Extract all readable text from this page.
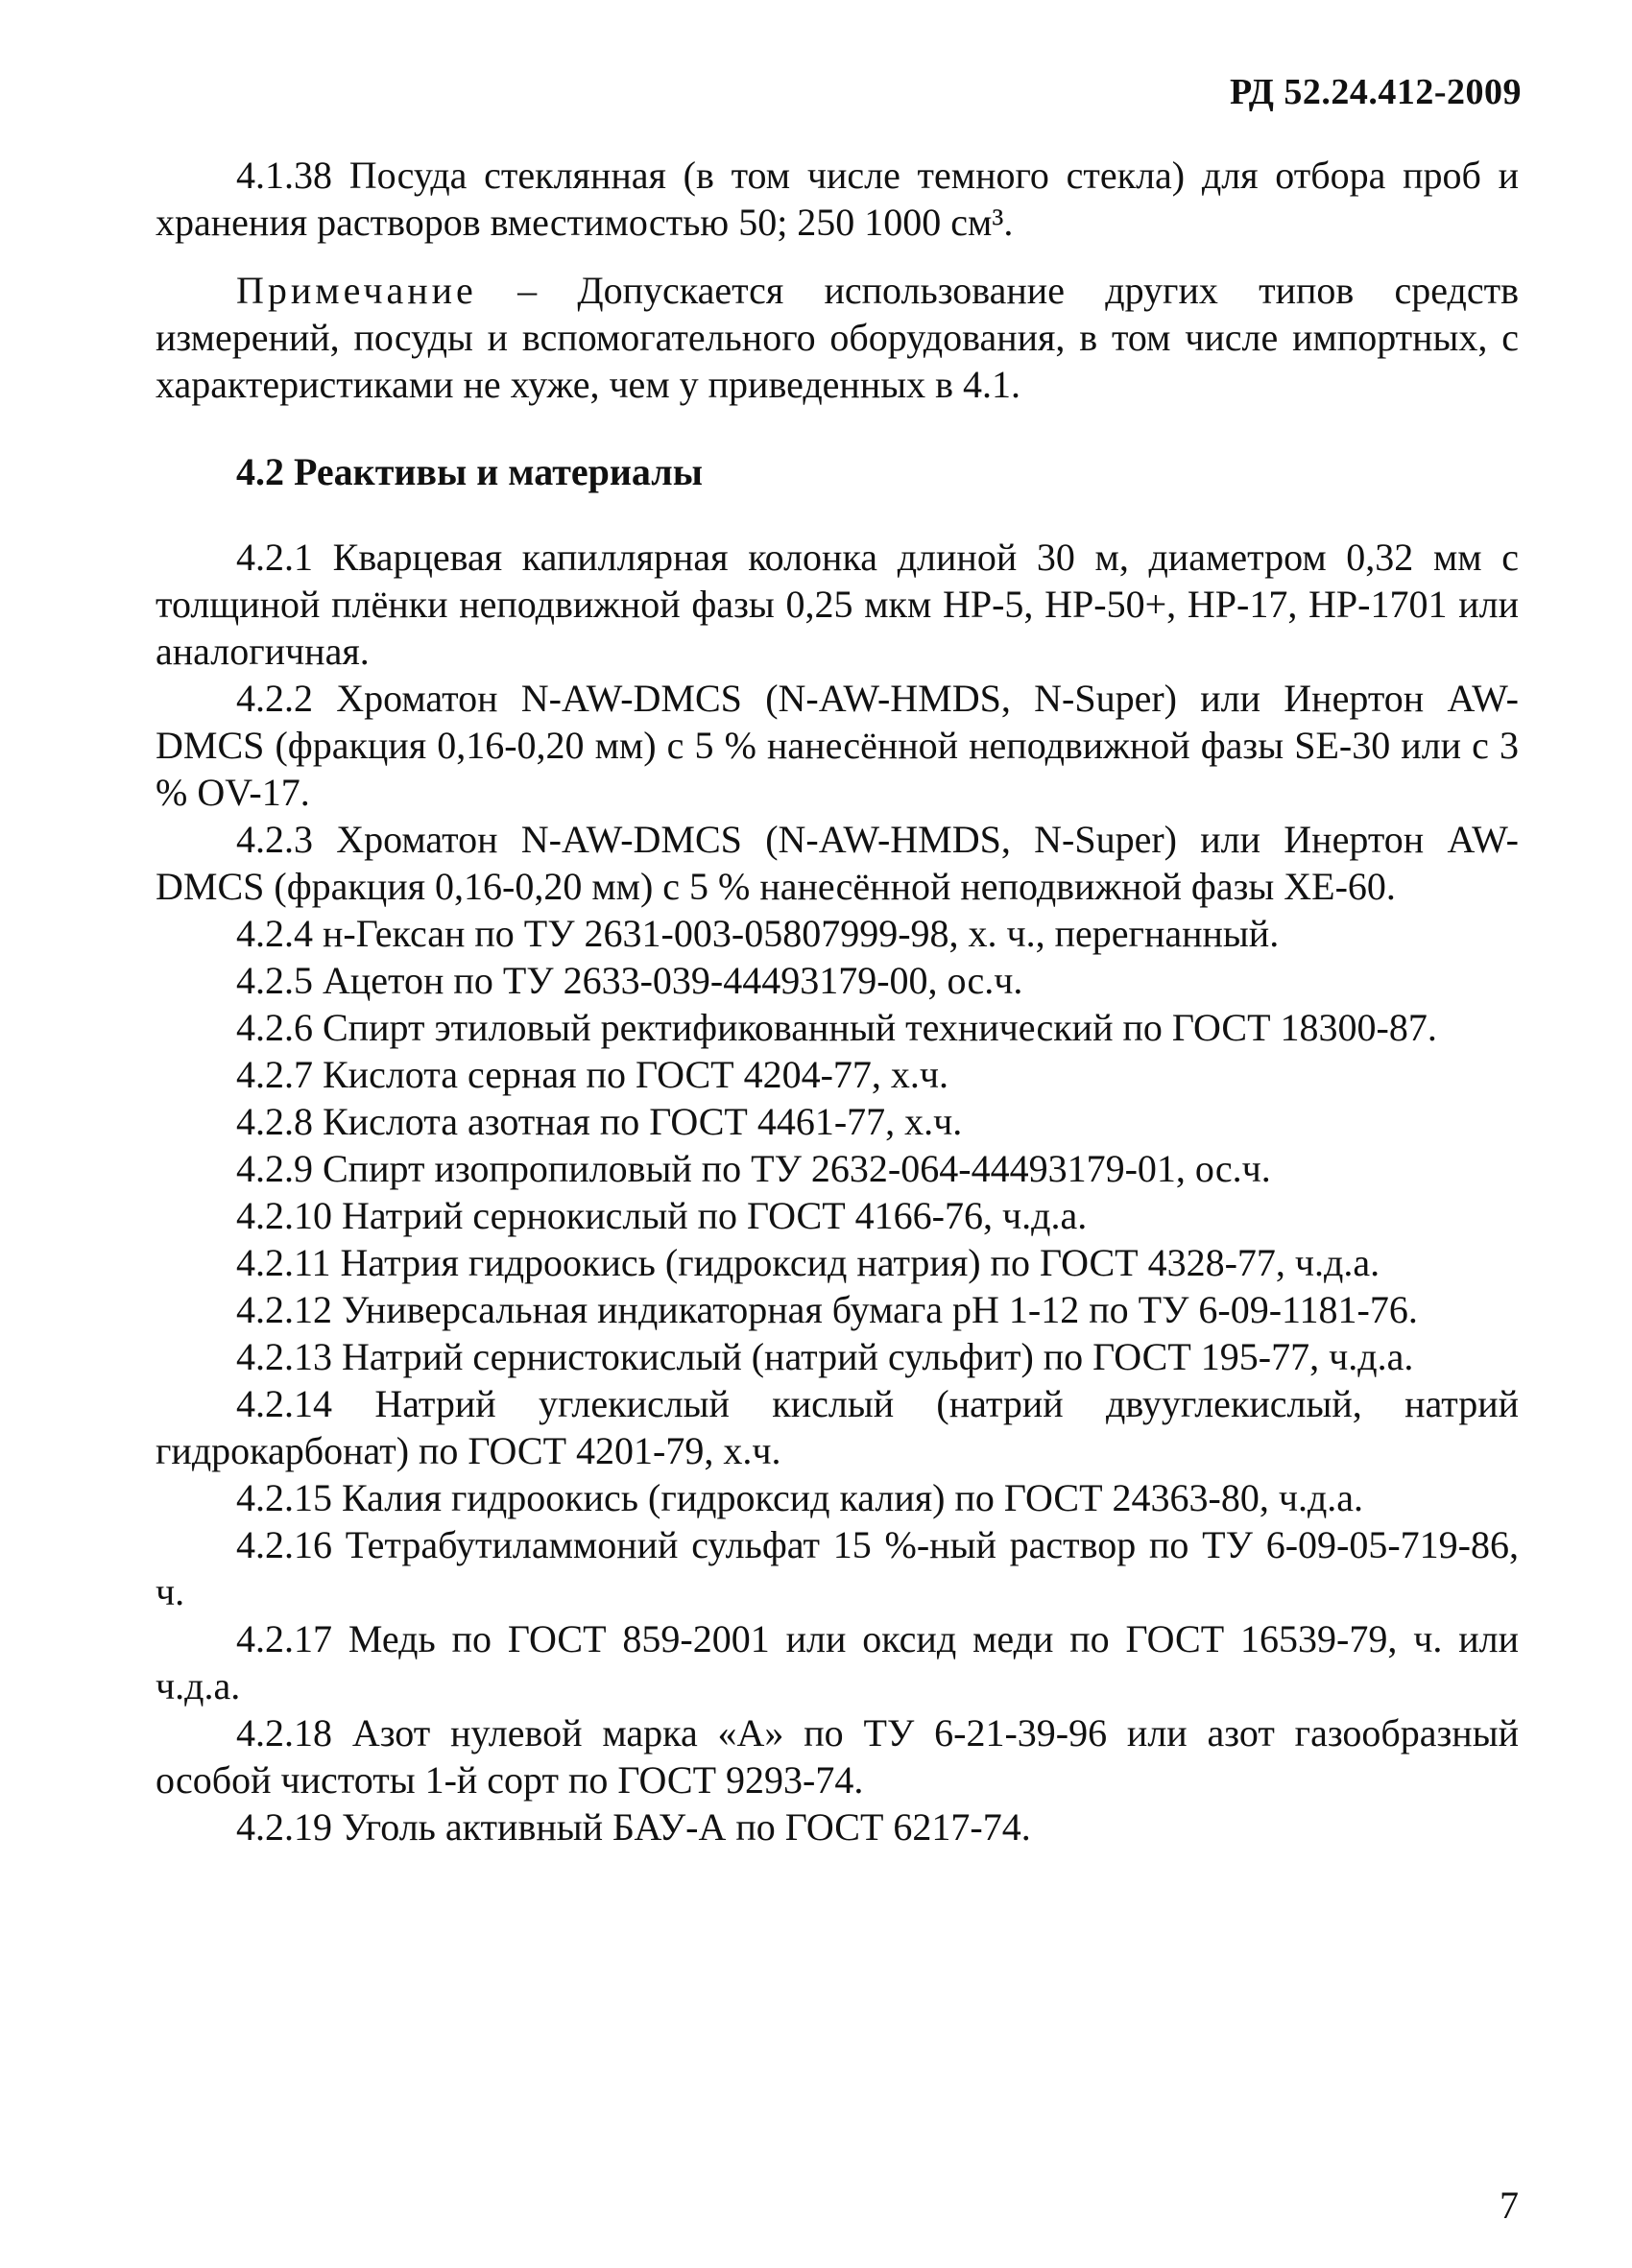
РД 52.24.412-2009

4.1.38 Посуда стеклянная (в том числе темного стекла) для отбора проб и хранения растворов вместимостью 50; 250 1000 см³.

Примечание – Допускается использование других типов средств измерений, посуды и вспомогательного оборудования, в том числе импортных, с характеристиками не хуже, чем у приведенных в 4.1.

4.2 Реактивы и материалы

4.2.1 Кварцевая капиллярная колонка длиной 30 м, диаметром 0,32 мм с толщиной плёнки неподвижной фазы 0,25 мкм НР-5, НР-50+, НР-17, НР-1701 или аналогичная.

4.2.2 Хроматон N-AW-DMCS (N-AW-HMDS, N-Super) или Инертон AW-DMCS (фракция 0,16-0,20 мм) с 5 % нанесённой неподвижной фазы SE-30 или с 3 % OV-17.

4.2.3 Хроматон N-AW-DMCS (N-AW-HMDS, N-Super) или Инертон AW-DMCS (фракция 0,16-0,20 мм) с 5 % нанесённой неподвижной фазы ХЕ-60.

4.2.4 н-Гексан по ТУ 2631-003-05807999-98, х. ч., перегнанный.

4.2.5 Ацетон по ТУ 2633-039-44493179-00, ос.ч.

4.2.6 Спирт этиловый ректификованный технический по ГОСТ 18300-87.

4.2.7 Кислота серная по ГОСТ 4204-77, х.ч.

4.2.8 Кислота азотная по ГОСТ 4461-77, х.ч.

4.2.9 Спирт изопропиловый по ТУ 2632-064-44493179-01, ос.ч.

4.2.10 Натрий сернокислый по ГОСТ 4166-76, ч.д.а.

4.2.11 Натрия гидроокись (гидроксид натрия) по ГОСТ 4328-77, ч.д.а.

4.2.12 Универсальная индикаторная бумага pH 1-12 по ТУ 6-09-1181-76.

4.2.13 Натрий сернистокислый (натрий сульфит) по ГОСТ 195-77, ч.д.а.

4.2.14 Натрий углекислый кислый (натрий двууглекислый, натрий гидрокарбонат) по ГОСТ 4201-79, х.ч.

4.2.15 Калия гидроокись (гидроксид калия) по ГОСТ 24363-80, ч.д.а.

4.2.16 Тетрабутиламмоний сульфат 15 %-ный раствор по ТУ 6-09-05-719-86, ч.

4.2.17 Медь по ГОСТ 859-2001 или оксид меди по ГОСТ 16539-79, ч. или ч.д.а.

4.2.18 Азот нулевой марка «А» по ТУ 6-21-39-96 или азот газообразный особой чистоты 1-й сорт по ГОСТ 9293-74.

4.2.19 Уголь активный БАУ-А по ГОСТ 6217-74.

7
